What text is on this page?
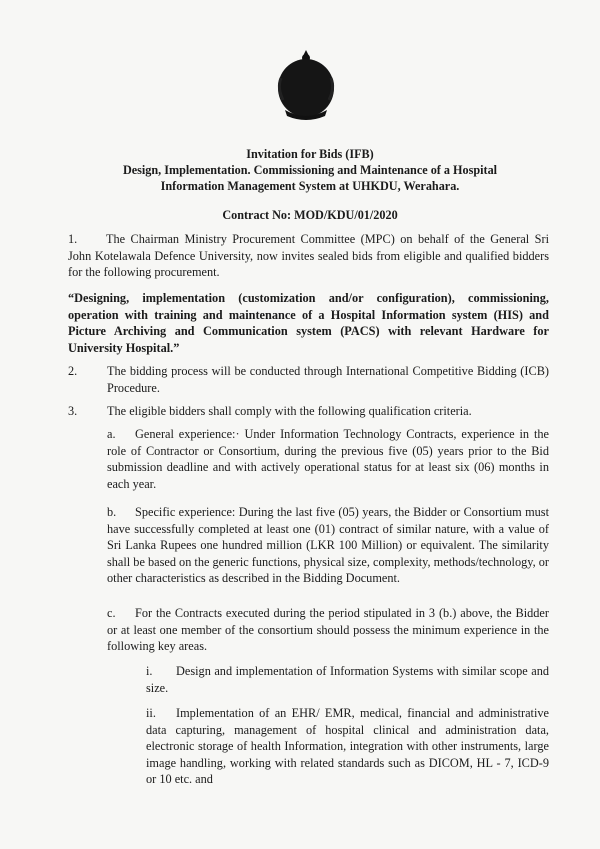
Invitation for Bids (IFB)
Design, Implementation. Commissioning and Maintenance of a Hospital
Information Management System at UHKDU, Werahara.
Contract No: MOD/KDU/01/2020
1.	The Chairman Ministry Procurement Committee (MPC) on behalf of the General Sri John Kotelawala Defence University, now invites sealed bids from eligible and qualified bidders for the following procurement.
“Designing, implementation (customization and/or configuration), commissioning, operation with training and maintenance of a Hospital Information system (HIS) and Picture Archiving and Communication system (PACS) with relevant Hardware for University Hospital.”
2. The bidding process will be conducted through International Competitive Bidding (ICB) Procedure.
3. The eligible bidders shall comply with the following qualification criteria.
a. General experience:· Under Information Technology Contracts, experience in the role of Contractor or Consortium, during the previous five (05) years prior to the Bid submission deadline and with actively operational status for at least six (06) months in each year.
b. Specific experience: During the last five (05) years, the Bidder or Consortium must have successfully completed at least one (01) contract of similar nature, with a value of Sri Lanka Rupees one hundred million (LKR 100 Million) or equivalent. The similarity shall be based on the generic functions, physical size, complexity, methods/technology, or other characteristics as described in the Bidding Document.
c. For the Contracts executed during the period stipulated in 3 (b.) above, the Bidder or at least one member of the consortium should possess the minimum experience in the following key areas.
i. Design and implementation of Information Systems with similar scope and size.
ii. Implementation of an EHR/ EMR, medical, financial and administrative data capturing, management of hospital clinical and administration data, electronic storage of health Information, integration with other instruments, large image handling, working with related standards such as DICOM, HL - 7, ICD-9 or 10 etc. and
